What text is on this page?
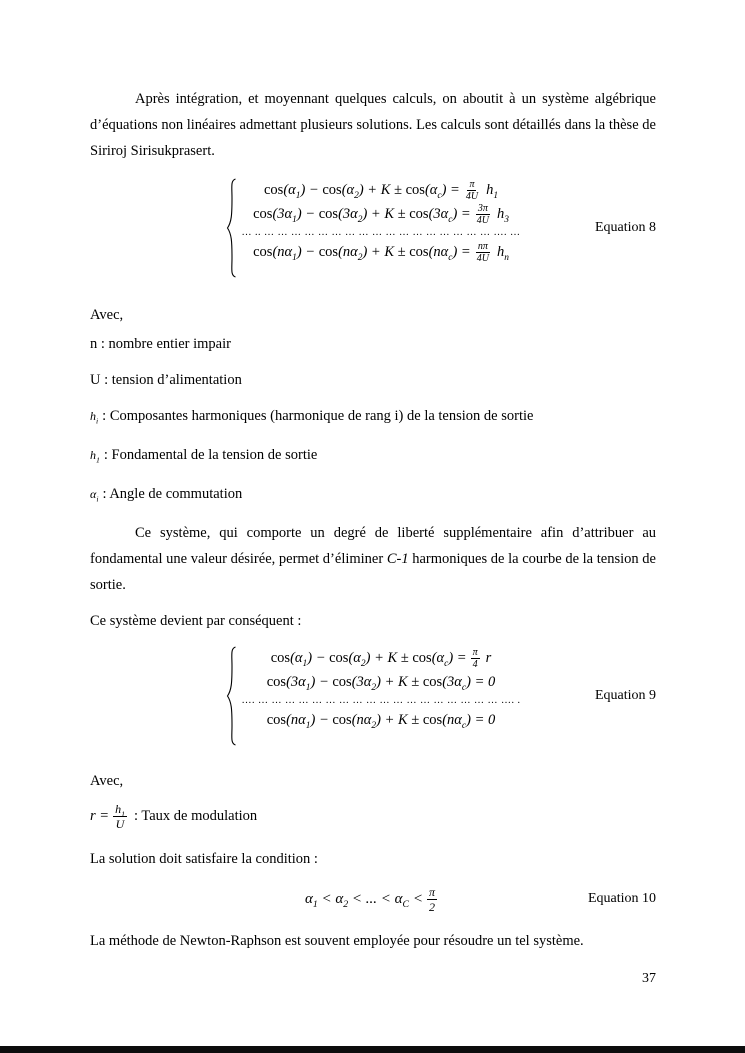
Après intégration, et moyennant quelques calculs, on aboutit à un système algébrique d’équations non linéaires admettant plusieurs solutions. Les calculs sont détaillés dans la thèse de Siriroj Sirisukprasert.

$\cos(\alpha_1) - \cos(\alpha_2) + K \pm \cos(\alpha_c) = \frac{\pi}{4U} h_1$
$\cos(3\alpha_1) - \cos(3\alpha_2) + K \pm \cos(3\alpha_c) = \frac{3\pi}{4U} h_3$
… .. … … … … … … … … … … … … … … … … … …. …
$\cos(n\alpha_1) - \cos(n\alpha_2) + K \pm \cos(n\alpha_c) = \frac{n\pi}{4U} h_n$
Equation 8

Avec,

n : nombre entier impair

U : tension d’alimentation

$h_i$ : Composantes harmoniques (harmonique de rang i) de la tension de sortie

$h_1$ : Fondamental de la tension de sortie

$\alpha_i$ : Angle de commutation

Ce système, qui comporte un degré de liberté supplémentaire afin d’attribuer au fondamental une valeur désirée, permet d’éliminer C-1 harmoniques de la courbe de la tension de sortie.

Ce système devient par conséquent :

$\cos(\alpha_1) - \cos(\alpha_2) + K \pm \cos(\alpha_c) = \frac{\pi}{4}$ r
$\cos(3\alpha_1) - \cos(3\alpha_2) + K \pm \cos(3\alpha_c) = 0$
…. … … … … … … … … … … … … … … … … … … …. .
$\cos(n\alpha_1) - \cos(n\alpha_2) + K \pm \cos(n\alpha_c) = 0$
Equation 9

Avec,

$r = \frac{h_1}{U}$ : Taux de modulation

La solution doit satisfaire la condition :

$\alpha_1 < \alpha_2$ < ... < $\alpha_C < \frac{\pi}{2}$	Equation 10

La méthode de Newton-Raphson est souvent employée pour résoudre un tel système.

37
